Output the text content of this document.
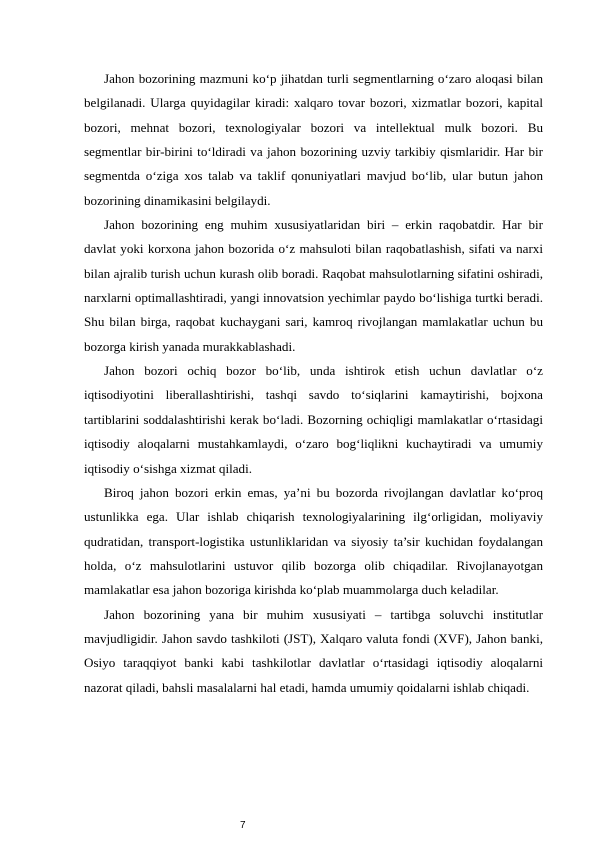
Jahon bozorining mazmuni ko‘p jihatdan turli segmentlarning o‘zaro aloqasi bilan belgilanadi. Ularga quyidagilar kiradi: xalqaro tovar bozori, xizmatlar bozori, kapital bozori, mehnat bozori, texnologiyalar bozori va intellektual mulk bozori. Bu segmentlar bir-birini to‘ldiradi va jahon bozorining uzviy tarkibiy qismlaridir. Har bir segmentda o‘ziga xos talab va taklif qonuniyatlari mavjud bo‘lib, ular butun jahon bozorining dinamikasini belgilaydi.

Jahon bozorining eng muhim xususiyatlaridan biri – erkin raqobatdir. Har bir davlat yoki korxona jahon bozorida o‘z mahsuloti bilan raqobatlashish, sifati va narxi bilan ajralib turish uchun kurash olib boradi. Raqobat mahsulotlarning sifatini oshiradi, narxlarni optimallashtiradi, yangi innovatsion yechimlar paydo bo‘lishiga turtki beradi. Shu bilan birga, raqobat kuchaygani sari, kamroq rivojlangan mamlakatlar uchun bu bozorga kirish yanada murakkablashadi.

Jahon bozori ochiq bozor bo‘lib, unda ishtirok etish uchun davlatlar o‘z iqtisodiyotini liberallashtirishi, tashqi savdo to‘siqlarini kamaytirishi, bojxona tartiblarini soddalashtirishi kerak bo‘ladi. Bozorning ochiqligi mamlakatlar o‘rtasidagi iqtisodiy aloqalarni mustahkamlaydi, o‘zaro bog‘liqlikni kuchaytiradi va umumiy iqtisodiy o‘sishga xizmat qiladi.

Biroq jahon bozori erkin emas, ya’ni bu bozorda rivojlangan davlatlar ko‘proq ustunlikka ega. Ular ishlab chiqarish texnologiyalarining ilg‘orligidan, moliyaviy qudratidan, transport-logistika ustunliklaridan va siyosiy ta’sir kuchidan foydalangan holda, o‘z mahsulotlarini ustuvor qilib bozorga olib chiqadilar. Rivojlanayotgan mamlakatlar esa jahon bozoriga kirishda ko‘plab muammolarga duch keladilar.

Jahon bozorining yana bir muhim xususiyati – tartibga soluvchi institutlar mavjudligidir. Jahon savdo tashkiloti (JST), Xalqaro valuta fondi (XVF), Jahon banki, Osiyo taraqqiyot banki kabi tashkilotlar davlatlar o‘rtasidagi iqtisodiy aloqalarni nazorat qiladi, bahsli masalalarni hal etadi, hamda umumiy qoidalarni ishlab chiqadi.

7
